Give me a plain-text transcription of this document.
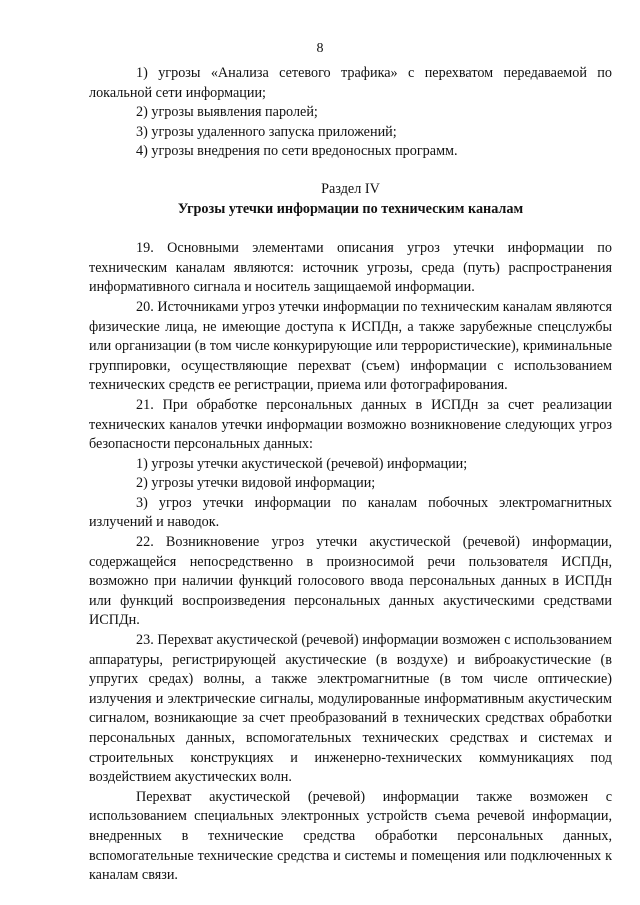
8

1) угрозы «Анализа сетевого трафика» с перехватом передаваемой по локальной сети информации;

2) угрозы выявления паролей;

3) угрозы удаленного запуска приложений;

4) угрозы внедрения по сети вредоносных программ.

Раздел IV

Угрозы утечки информации по техническим каналам

19. Основными элементами описания угроз утечки информации по техническим каналам являются: источник угрозы, среда (путь) распространения информативного сигнала и носитель защищаемой информации.

20. Источниками угроз утечки информации по техническим каналам являются физические лица, не имеющие доступа к ИСПДн, а также зарубежные спецслужбы или организации (в том числе конкурирующие или террористические), криминальные группировки, осуществляющие перехват (съем) информации с использованием технических средств ее регистрации, приема или фотографирования.

21. При обработке персональных данных в ИСПДн за счет реализации технических каналов утечки информации возможно возникновение следующих угроз безопасности персональных данных:

1) угрозы утечки акустической (речевой) информации;

2) угрозы утечки видовой информации;

3) угроз утечки информации по каналам побочных электромагнитных излучений и наводок.

22. Возникновение угроз утечки акустической (речевой) информации, содержащейся непосредственно в произносимой речи пользователя ИСПДн, возможно при наличии функций голосового ввода персональных данных в ИСПДн или функций воспроизведения персональных данных акустическими средствами ИСПДн.

23. Перехват акустической (речевой) информации возможен с использованием аппаратуры, регистрирующей акустические (в воздухе) и виброакустические (в упругих средах) волны, а также электромагнитные (в том числе оптические) излучения и электрические сигналы, модулированные информативным акустическим сигналом, возникающие за счет преобразований в технических средствах обработки персональных данных, вспомогательных технических средствах и системах и строительных конструкциях и инженерно-технических коммуникациях под воздействием акустических волн.

Перехват акустической (речевой) информации также возможен с использованием специальных электронных устройств съема речевой информации, внедренных в технические средства обработки персональных данных, вспомогательные технические средства и системы и помещения или подключенных к каналам связи.
